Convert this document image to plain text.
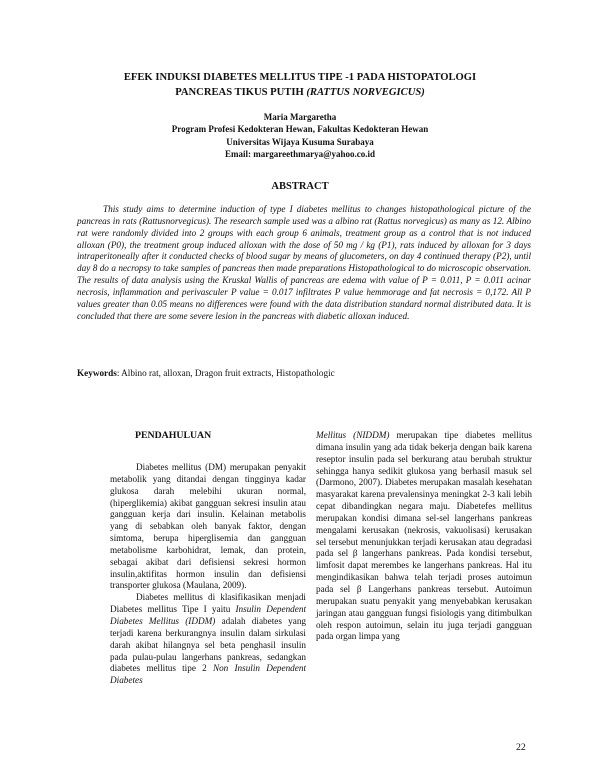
EFEK INDUKSI DIABETES MELLITUS TIPE -1 PADA HISTOPATOLOGI
PANCREAS TIKUS PUTIH (RATTUS NORVEGICUS)
Maria Margaretha
Program Profesi Kedokteran Hewan, Fakultas Kedokteran Hewan
Universitas Wijaya Kusuma Surabaya
Email: margareethmarya@yahoo.co.id
ABSTRACT
This study aims to determine induction of type I diabetes mellitus to changes histopathological picture of the pancreas in rats (Rattusnorvegicus). The research sample used was a albino rat (Rattus norvegicus) as many as 12. Albino rat were randomly divided into 2 groups with each group 6 animals, treatment group as a control that is not induced alloxan (P0), the treatment group induced alloxan with the dose of 50 mg / kg (P1), rats induced by alloxan for 3 days intraperitoneally after it conducted checks of blood sugar by means of glucometers, on day 4 continued therapy (P2), until day 8 do a necropsy to take samples of pancreas then made preparations Histopathological to do microscopic observation. The results of data analysis using the Kruskal Wallis of pancreas are edema with value of P = 0.011, P = 0.011 acinar necrosis, inflammation and perivasculer P value = 0.017 infiltrates P value hemmorage and fat necrosis = 0,172. All P values greater than 0.05 means no differences were found with the data distribution standard normal distributed data. It is concluded that there are some severe lesion in the pancreas with diabetic alloxan induced.
Keywords: Albino rat, alloxan, Dragon fruit extracts, Histopathologic
PENDAHULUAN

Diabetes mellitus (DM) merupakan penyakit metabolik yang ditandai dengan tingginya kadar glukosa darah melebihi ukuran normal, (hiperglikemia) akibat gangguan sekresi insulin atau gangguan kerja dari insulin. Kelainan metabolis yang di sebabkan oleh banyak faktor, dengan simtoma, berupa hiperglisemia dan gangguan metabolisme karbohidrat, lemak, dan protein, sebagai akibat dari defisiensi sekresi hormon insulin,aktifitas hormon insulin dan defisiensi transporter glukosa (Maulana, 2009).

Diabetes mellitus di klasifikasikan menjadi Diabetes mellitus Tipe I yaitu Insulin Dependent Diabetes Mellitus (IDDM) adalah diabetes yang terjadi karena berkurangnya insulin dalam sirkulasi darah akibat hilangnya sel beta penghasil insulin pada pulau-pulau langerhans pankreas, sedangkan diabetes mellitus tipe 2 Non Insulin Dependent Diabetes

Mellitus (NIDDM) merupakan tipe diabetes mellitus dimana insulin yang ada tidak bekerja dengan baik karena reseptor insulin pada sel berkurang atau berubah struktur sehingga hanya sedikit glukosa yang berhasil masuk sel (Darmono, 2007). Diabetes merupakan masalah kesehatan masyarakat karena prevalensinya meningkat 2-3 kali lebih cepat dibandingkan negara maju. Diabetefes mellitus merupakan kondisi dimana sel-sel langerhans pankreas mengalami kerusakan (nekrosis, vakuolisasi) kerusakan sel tersebut menunjukkan terjadi kerusakan atau degradasi pada sel β langerhans pankreas. Pada kondisi tersebut, limfosit dapat merembes ke langerhans pankreas. Hal itu mengindikasikan bahwa telah terjadi proses autoimun pada sel β Langerhans pankreas tersebut. Autoimun merupakan suatu penyakit yang menyebabkan kerusakan jaringan atau gangguan fungsi fisiologis yang ditimbulkan oleh respon autoimun, selain itu juga terjadi gangguan pada organ limpa yang

22
